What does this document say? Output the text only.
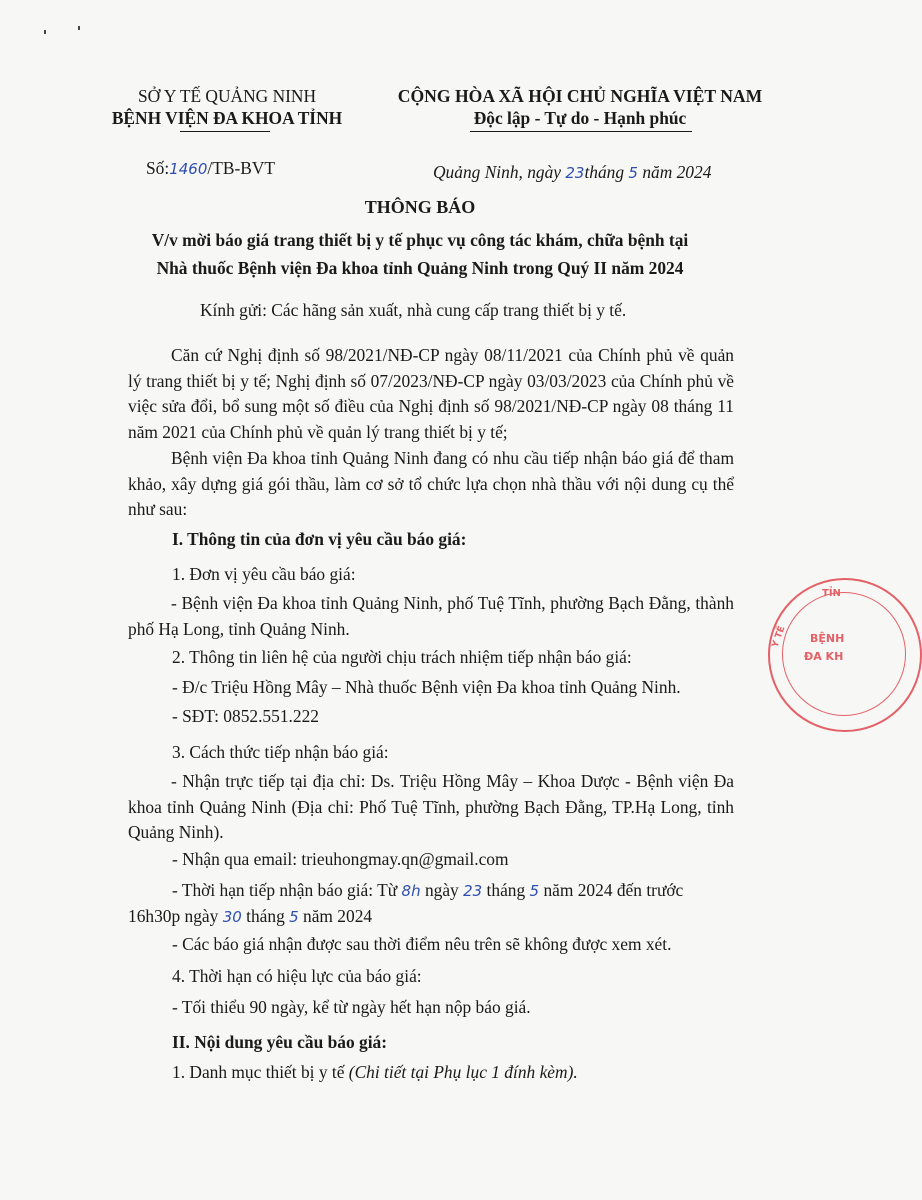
SỞ Y TẾ QUẢNG NINH
BỆNH VIỆN ĐA KHOA TỈNH
CỘNG HÒA XÃ HỘI CHỦ NGHĨA VIỆT NAM
Độc lập - Tự do - Hạnh phúc
Số:1460/TB-BVT	Quảng Ninh, ngày 23tháng 5 năm 2024
THÔNG BÁO
V/v mời báo giá trang thiết bị y tế phục vụ công tác khám, chữa bệnh tại
Nhà thuốc Bệnh viện Đa khoa tỉnh Quảng Ninh trong Quý II năm 2024
Kính gửi: Các hãng sản xuất, nhà cung cấp trang thiết bị y tế.
Căn cứ Nghị định số 98/2021/NĐ-CP ngày 08/11/2021 của Chính phủ về quản lý trang thiết bị y tế; Nghị định số 07/2023/NĐ-CP ngày 03/03/2023 của Chính phủ về việc sửa đổi, bổ sung một số điều của Nghị định số 98/2021/NĐ-CP ngày 08 tháng 11 năm 2021 của Chính phủ về quản lý trang thiết bị y tế;
Bệnh viện Đa khoa tỉnh Quảng Ninh đang có nhu cầu tiếp nhận báo giá để tham khảo, xây dựng giá gói thầu, làm cơ sở tổ chức lựa chọn nhà thầu với nội dung cụ thể như sau:
I. Thông tin của đơn vị yêu cầu báo giá:
1. Đơn vị yêu cầu báo giá:
- Bệnh viện Đa khoa tỉnh Quảng Ninh, phố Tuệ Tĩnh, phường Bạch Đằng, thành phố Hạ Long, tỉnh Quảng Ninh.
2. Thông tin liên hệ của người chịu trách nhiệm tiếp nhận báo giá:
- Đ/c Triệu Hồng Mây – Nhà thuốc Bệnh viện Đa khoa tỉnh Quảng Ninh.
- SĐT: 0852.551.222
3. Cách thức tiếp nhận báo giá:
- Nhận trực tiếp tại địa chỉ: Ds. Triệu Hồng Mây – Khoa Dược - Bệnh viện Đa khoa tỉnh Quảng Ninh (Địa chỉ: Phố Tuệ Tĩnh, phường Bạch Đằng, TP.Hạ Long, tỉnh Quảng Ninh).
- Nhận qua email: trieuhongmay.qn@gmail.com
- Thời hạn tiếp nhận báo giá: Từ 8h ngày 23 tháng 5 năm 2024 đến trước
16h30p ngày 30 tháng 5 năm 2024
- Các báo giá nhận được sau thời điểm nêu trên sẽ không được xem xét.
4. Thời hạn có hiệu lực của báo giá:
- Tối thiểu 90 ngày, kể từ ngày hết hạn nộp báo giá.
II. Nội dung yêu cầu báo giá:
1. Danh mục thiết bị y tế (Chi tiết tại Phụ lục 1 đính kèm).
TỈN
BỆNH
ĐA KH
Y TẾ
